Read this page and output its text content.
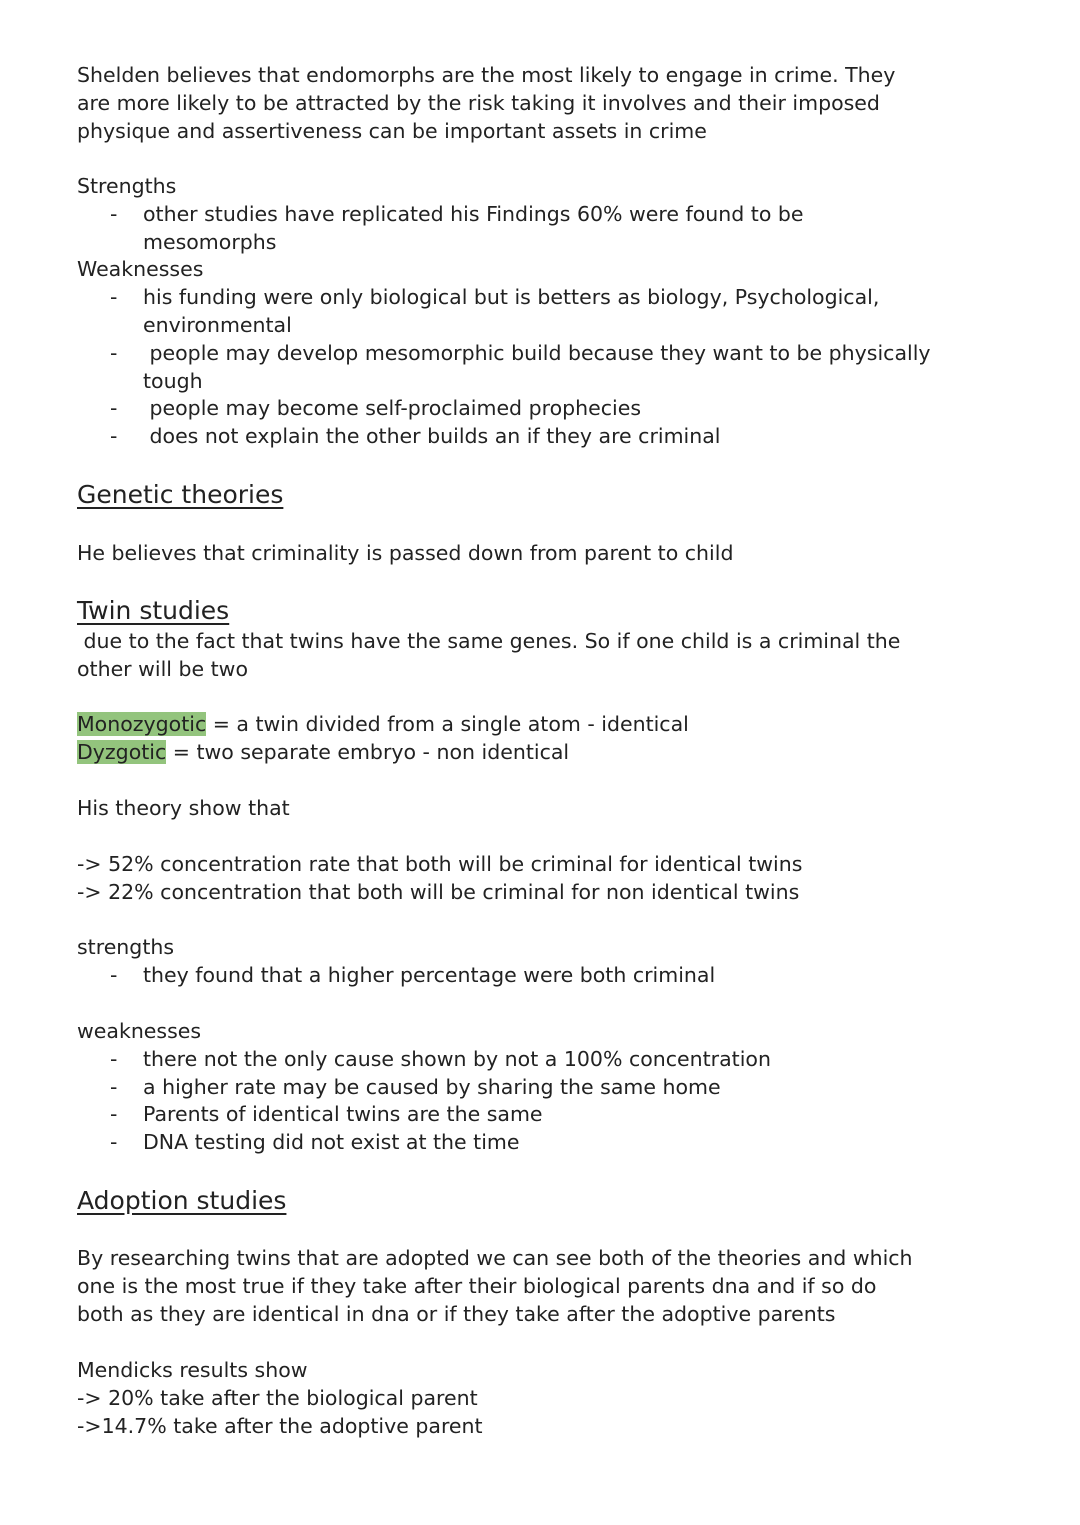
Shelden believes that endomorphs are the most likely to engage in crime. They
are more likely to be attracted by the risk taking it involves and their imposed
physique and assertiveness can be important assets in crime
Strengths
- other studies have replicated his Findings 60% were found to be
mesomorphs
Weaknesses
- his funding were only biological but is betters as biology, Psychological,
environmental
- people may develop mesomorphic build because they want to be physically
tough
- people may become self-proclaimed prophecies
- does not explain the other builds an if they are criminal
Genetic theories
He believes that criminality is passed down from parent to child
Twin studies
due to the fact that twins have the same genes. So if one child is a criminal the
other will be two
Monozygotic = a twin divided from a single atom - identical
Dyzgotic = two separate embryo - non identical
His theory show that
-> 52% concentration rate that both will be criminal for identical twins
-> 22% concentration that both will be criminal for non identical twins
strengths
- they found that a higher percentage were both criminal
weaknesses
- there not the only cause shown by not a 100% concentration
- a higher rate may be caused by sharing the same home
- Parents of identical twins are the same
- DNA testing did not exist at the time
Adoption studies
By researching twins that are adopted we can see both of the theories and which
one is the most true if they take after their biological parents dna and if so do
both as they are identical in dna or if they take after the adoptive parents
Mendicks results show
-> 20% take after the biological parent
->14.7% take after the adoptive parent
